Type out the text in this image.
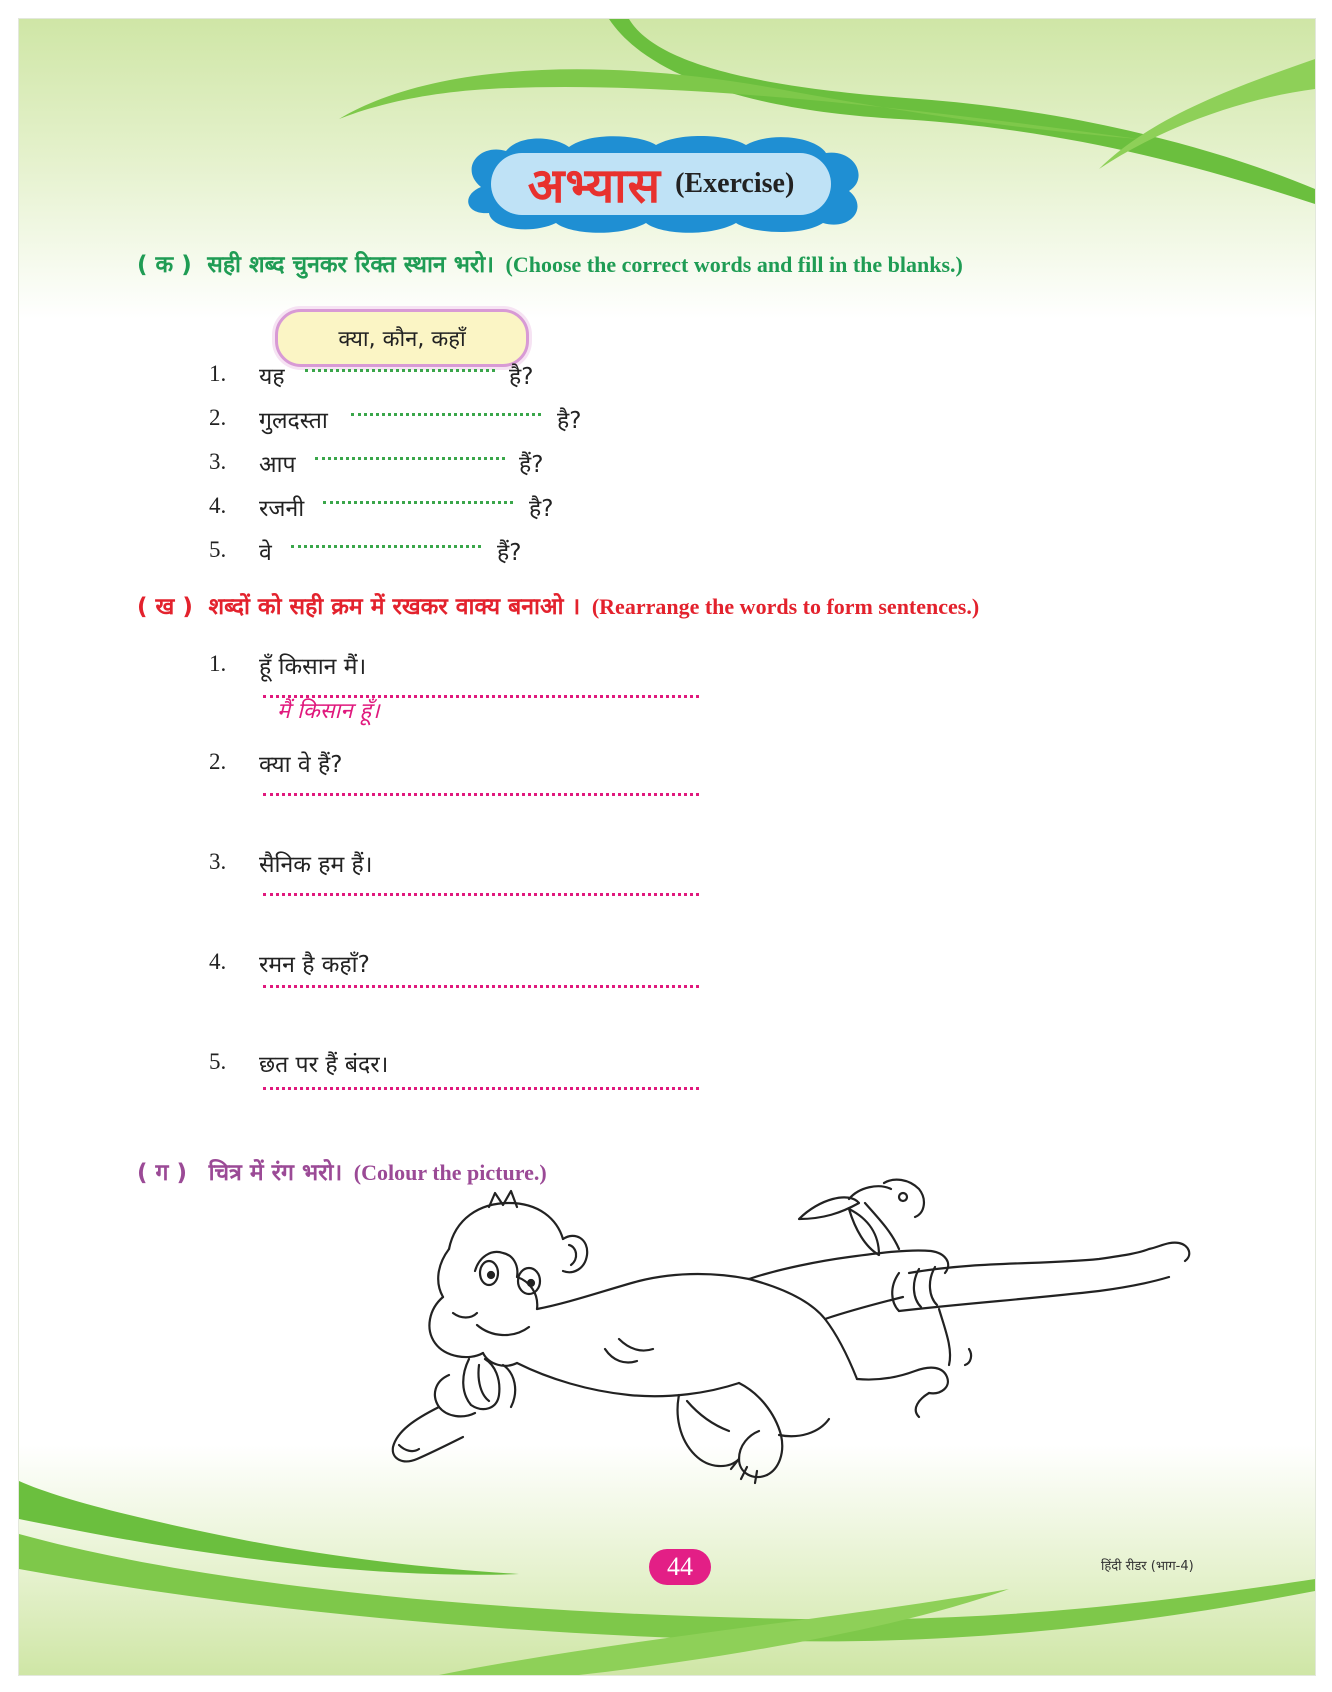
अभ्यास (Exercise)
( क ) सही शब्द चुनकर रिक्त स्थान भरो। (Choose the correct words and fill in the blanks.)
क्या, कौन, कहाँ
1. यह	है?
2. गुलदस्ता	है?
3. आप	हैं?
4. रजनी	है?
5. वे	हैं?
( ख ) शब्दों को सही क्रम में रखकर वाक्य बनाओ । (Rearrange the words to form sentences.)
1. हूँ किसान मैं।
मैं किसान हूँ।
2. क्या वे हैं?
3. सैनिक हम हैं।
4. रमन है कहाँ?
5. छत पर हैं बंदर।
( ग ) चित्र में रंग भरो। (Colour the picture.)
44	हिंदी रीडर (भाग-4)
